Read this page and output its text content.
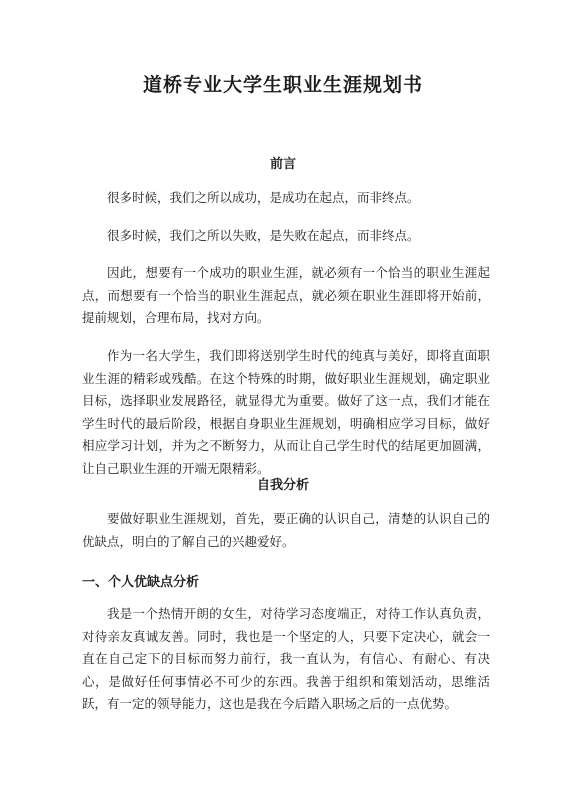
道桥专业大学生职业生涯规划书
前言
很多时候，我们之所以成功，是成功在起点，而非终点。
很多时候，我们之所以失败，是失败在起点，而非终点。
因此，想要有一个成功的职业生涯，就必须有一个恰当的职业生涯起点，而想要有一个恰当的职业生涯起点，就必须在职业生涯即将开始前，提前规划，合理布局，找对方向。
作为一名大学生，我们即将送别学生时代的纯真与美好，即将直面职业生涯的精彩或残酷。在这个特殊的时期，做好职业生涯规划，确定职业目标，选择职业发展路径，就显得尤为重要。做好了这一点，我们才能在学生时代的最后阶段，根据自身职业生涯规划，明确相应学习目标，做好相应学习计划，并为之不断努力，从而让自己学生时代的结尾更加圆满，让自己职业生涯的开端无限精彩。
自我分析
要做好职业生涯规划，首先，要正确的认识自己，清楚的认识自己的优缺点，明白的了解自己的兴趣爱好。
一、个人优缺点分析
我是一个热情开朗的女生，对待学习态度端正，对待工作认真负责，对待亲友真诚友善。同时，我也是一个坚定的人，只要下定决心，就会一直在自己定下的目标而努力前行，我一直认为，有信心、有耐心、有决心，是做好任何事情必不可少的东西。我善于组织和策划活动，思维活跃，有一定的领导能力，这也是我在今后踏入职场之后的一点优势。
